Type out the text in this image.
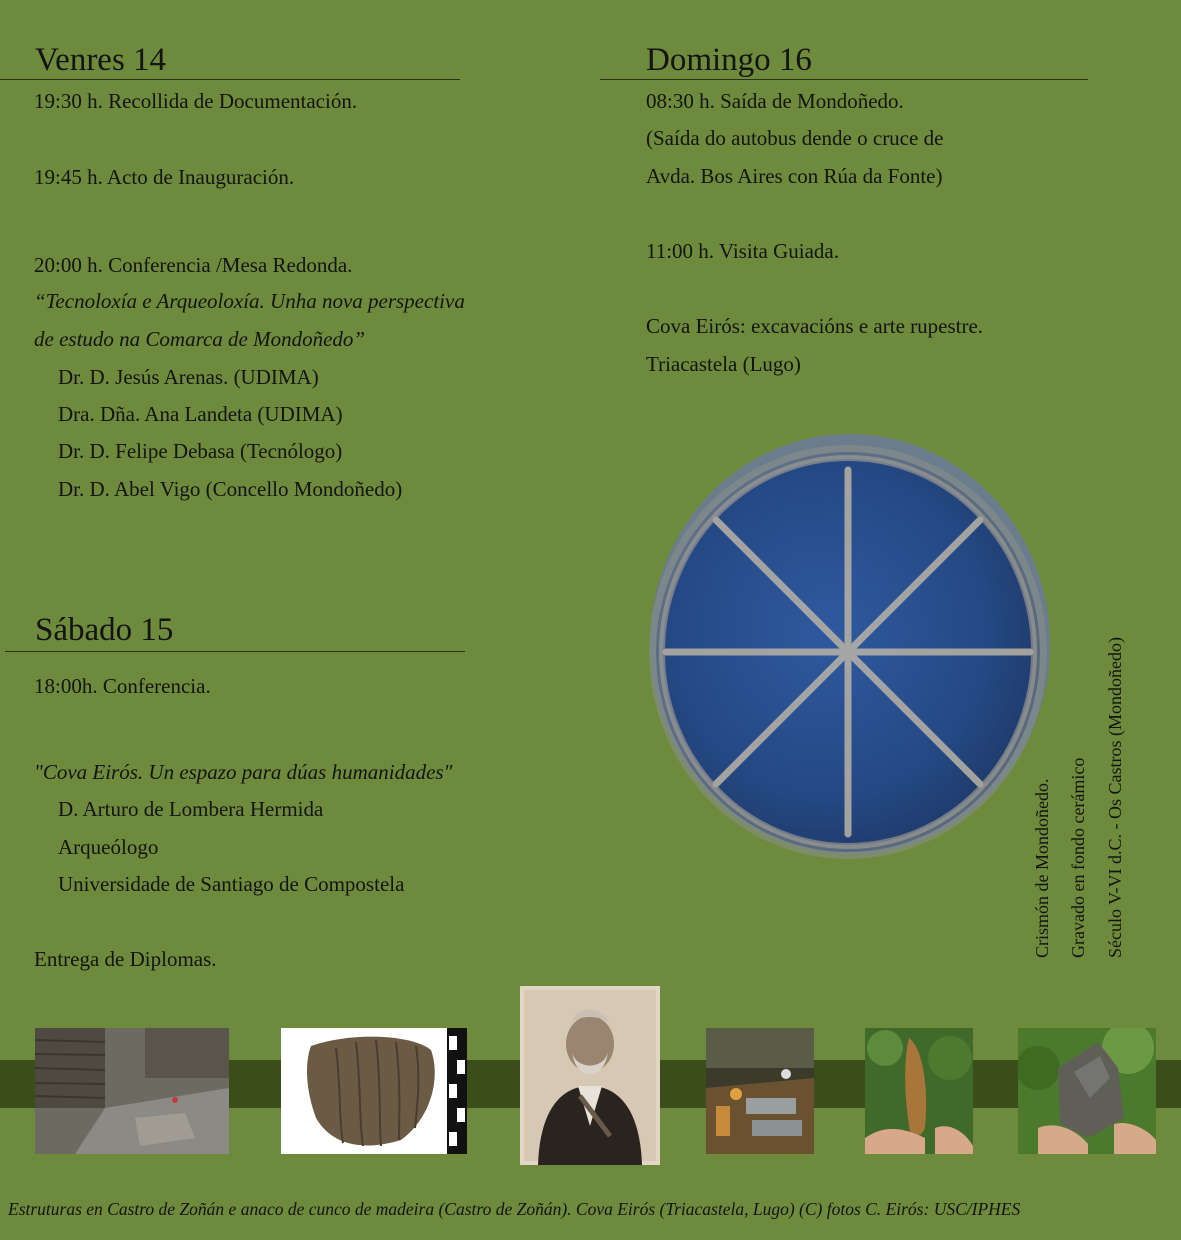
Venres 14
19:30 h. Recollida de Documentación.
19:45 h. Acto de Inauguración.
20:00 h. Conferencia /Mesa Redonda.
“Tecnoloxía e Arqueoloxía. Unha nova perspectiva
de estudo na Comarca de Mondoñedo”
Dr. D. Jesús Arenas. (UDIMA)
Dra. Dña. Ana Landeta (UDIMA)
Dr. D. Felipe Debasa (Tecnólogo)
Dr. D. Abel Vigo (Concello Mondoñedo)
Sábado 15
18:00h. Conferencia.
"Cova Eirós. Un espazo para dúas humanidades"
D. Arturo de Lombera Hermida
Arqueólogo
Universidade de Santiago de Compostela
Entrega de Diplomas.
Domingo 16
08:30 h. Saída de Mondoñedo.
(Saída do autobus dende o cruce de
Avda. Bos Aires con Rúa da Fonte)
11:00 h. Visita Guiada.
Cova Eirós: excavacións e arte rupestre.
Triacastela (Lugo)
Crismón de Mondoñedo. Gravado en fondo cerámico Século V-VI d.C. - Os Castros (Mondoñedo)
Estruturas en Castro de Zoñán e anaco de cunco de madeira (Castro de Zoñán). Cova Eirós (Triacastela, Lugo) (C) fotos C. Eirós: USC/IPHES
